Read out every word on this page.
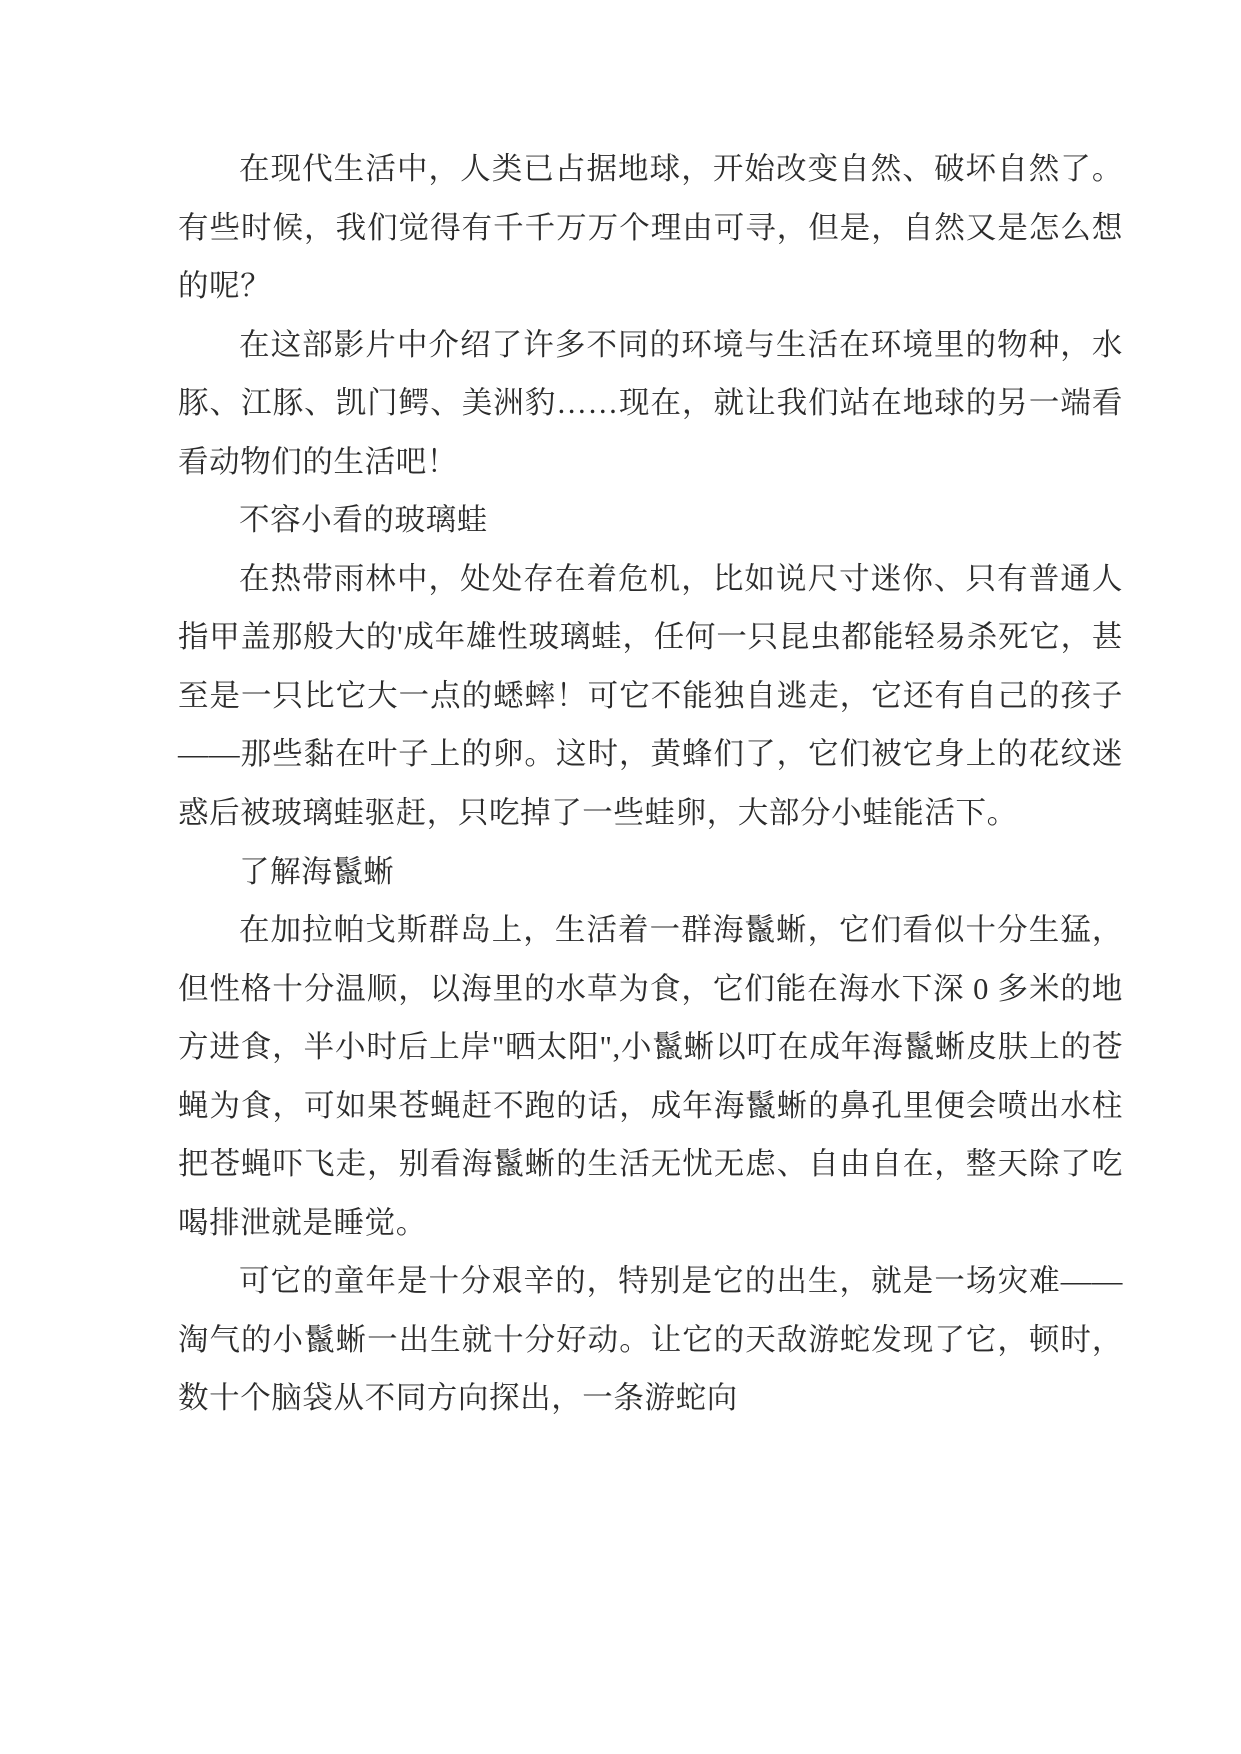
在现代生活中，人类已占据地球，开始改变自然、破坏自然了。有些时候，我们觉得有千千万万个理由可寻，但是，自然又是怎么想的呢？

在这部影片中介绍了许多不同的环境与生活在环境里的物种，水豚、江豚、凯门鳄、美洲豹……现在，就让我们站在地球的另一端看看动物们的生活吧！

不容小看的玻璃蛙

在热带雨林中，处处存在着危机，比如说尺寸迷你、只有普通人指甲盖那般大的'成年雄性玻璃蛙，任何一只昆虫都能轻易杀死它，甚至是一只比它大一点的蟋蟀！可它不能独自逃走，它还有自己的孩子——那些黏在叶子上的卵。这时，黄蜂们了，它们被它身上的花纹迷惑后被玻璃蛙驱赶，只吃掉了一些蛙卵，大部分小蛙能活下。

了解海鬣蜥

在加拉帕戈斯群岛上，生活着一群海鬣蜥，它们看似十分生猛，但性格十分温顺，以海里的水草为食，它们能在海水下深 0 多米的地方进食，半小时后上岸"晒太阳",小鬣蜥以叮在成年海鬣蜥皮肤上的苍蝇为食，可如果苍蝇赶不跑的话，成年海鬣蜥的鼻孔里便会喷出水柱把苍蝇吓飞走，别看海鬣蜥的生活无忧无虑、自由自在，整天除了吃喝排泄就是睡觉。

可它的童年是十分艰辛的，特别是它的出生，就是一场灾难——淘气的小鬣蜥一出生就十分好动。让它的天敌游蛇发现了它，顿时，数十个脑袋从不同方向探出，一条游蛇向
